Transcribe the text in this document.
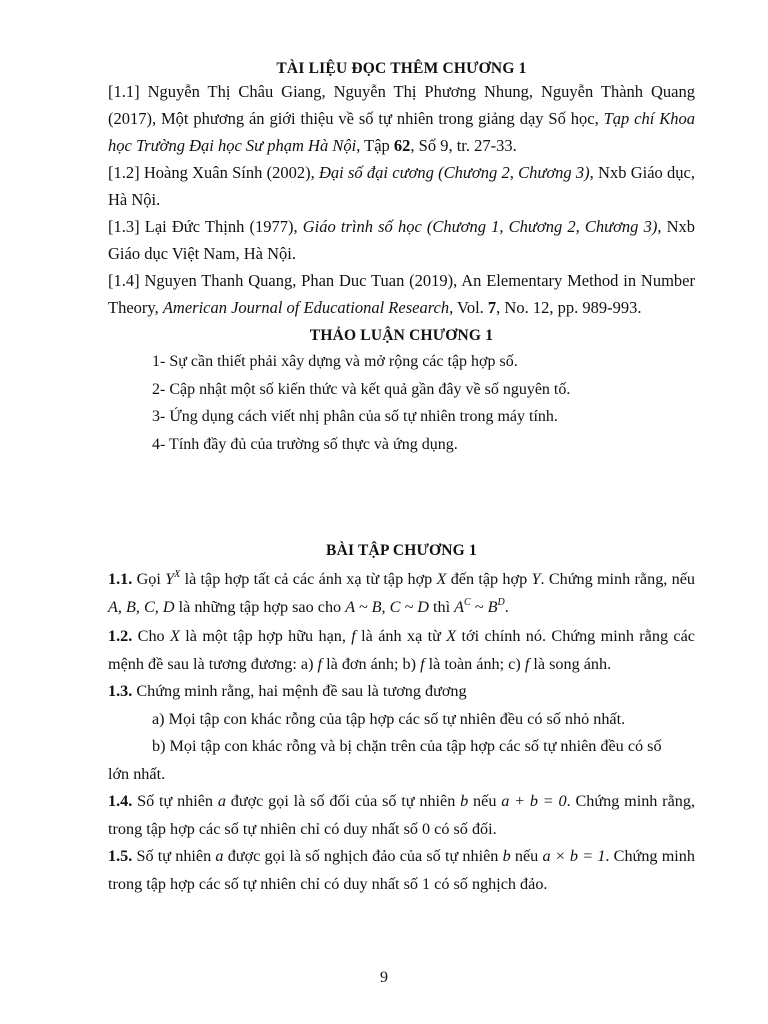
TÀI LIỆU ĐỌC THÊM CHƯƠNG 1

[1.1] Nguyễn Thị Châu Giang, Nguyễn Thị Phương Nhung, Nguyễn Thành Quang (2017), Một phương án giới thiệu về số tự nhiên trong giảng dạy Số học, Tạp chí Khoa học Trường Đại học Sư phạm Hà Nội, Tập 62, Số 9, tr. 27-33.

[1.2] Hoàng Xuân Sính (2002), Đại số đại cương (Chương 2, Chương 3), Nxb Giáo dục, Hà Nội.

[1.3] Lại Đức Thịnh (1977), Giáo trình số học (Chương 1, Chương 2, Chương 3), Nxb Giáo dục Việt Nam, Hà Nội.

[1.4] Nguyen Thanh Quang, Phan Duc Tuan (2019), An Elementary Method in Number Theory, American Journal of Educational Research, Vol. 7, No. 12, pp. 989-993.

THẢO LUẬN CHƯƠNG 1
1- Sự cần thiết phải xây dựng và mở rộng các tập hợp số.
2- Cập nhật một số kiến thức và kết quả gần đây về số nguyên tố.
3- Ứng dụng cách viết nhị phân của số tự nhiên trong máy tính.
4- Tính đầy đủ của trường số thực và ứng dụng.
BÀI TẬP CHƯƠNG 1

1.1. Gọi $Y^X$ là tập hợp tất cả các ánh xạ từ tập hợp X đến tập hợp Y. Chứng minh rằng, nếu A, B, C, D là những tập hợp sao cho A ~ B, C ~ D thì $A^C$ ~ $B^D$.

1.2. Cho X là một tập hợp hữu hạn, f là ánh xạ từ X tới chính nó. Chứng minh rằng các mệnh đề sau là tương đương: a) f là đơn ánh; b) f là toàn ánh; c) f là song ánh.

1.3. Chứng minh rằng, hai mệnh đề sau là tương đương

a) Mọi tập con khác rỗng của tập hợp các số tự nhiên đều có số nhỏ nhất.

b) Mọi tập con khác rỗng và bị chặn trên của tập hợp các số tự nhiên đều có số

lớn nhất.

1.4. Số tự nhiên a được gọi là số đối của số tự nhiên b nếu a + b = 0. Chứng minh rằng, trong tập hợp các số tự nhiên chỉ có duy nhất số 0 có số đối.

1.5. Số tự nhiên a được gọi là số nghịch đảo của số tự nhiên b nếu a × b = 1. Chứng minh trong tập hợp các số tự nhiên chỉ có duy nhất số 1 có số nghịch đảo.

9
